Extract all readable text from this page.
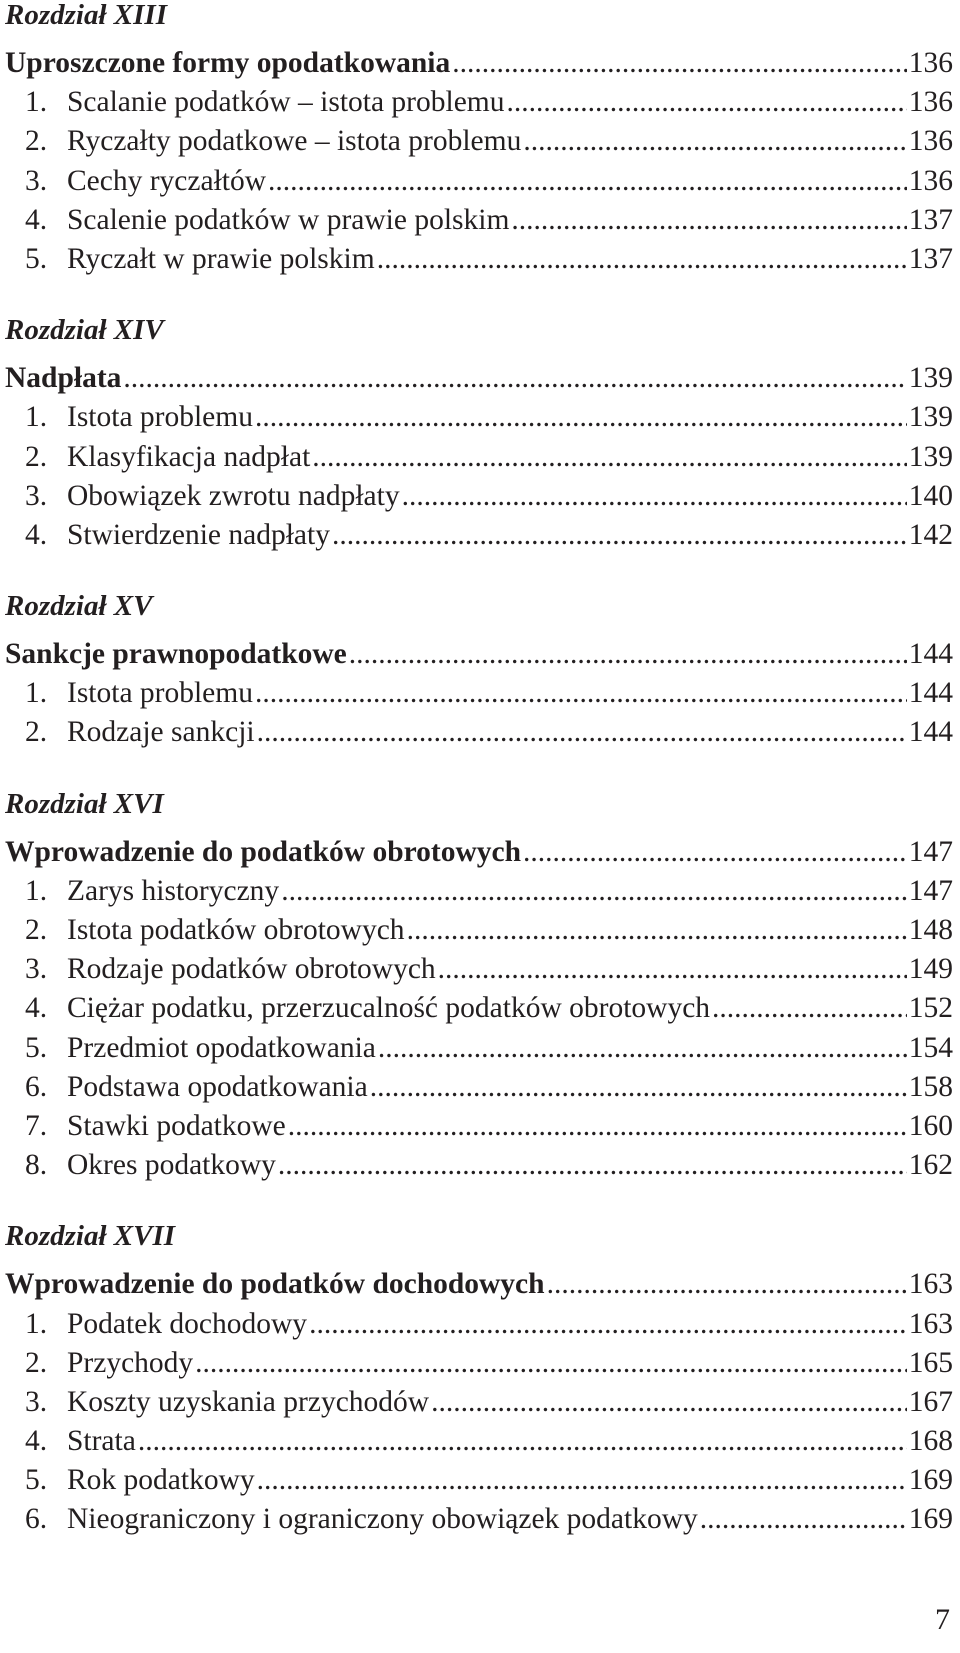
Rozdział XIII
Uproszczone formy opodatkowania .....	136
1. Scalanie podatków – istota problemu .....	136
2. Ryczałty podatkowe – istota problemu .....	136
3. Cechy ryczałtów .....	136
4. Scalenie podatków w prawie polskim .....	137
5. Ryczałt w prawie polskim .....	137
Rozdział XIV
Nadpłata .....	139
1. Istota problemu .....	139
2. Klasyfikacja nadpłat .....	139
3. Obowiązek zwrotu nadpłaty .....	140
4. Stwierdzenie nadpłaty .....	142
Rozdział XV
Sankcje prawnopodatkowe .....	144
1. Istota problemu .....	144
2. Rodzaje sankcji .....	144
Rozdział XVI
Wprowadzenie do podatków obrotowych .....	147
1. Zarys historyczny .....	147
2. Istota podatków obrotowych .....	148
3. Rodzaje podatków obrotowych .....	149
4. Ciężar podatku, przerzucalność podatków obrotowych .....	152
5. Przedmiot opodatkowania .....	154
6. Podstawa opodatkowania .....	158
7. Stawki podatkowe .....	160
8. Okres podatkowy .....	162
Rozdział XVII
Wprowadzenie do podatków dochodowych .....	163
1. Podatek dochodowy .....	163
2. Przychody .....	165
3. Koszty uzyskania przychodów .....	167
4. Strata .....	168
5. Rok podatkowy .....	169
6. Nieograniczony i ograniczony obowiązek podatkowy .....	169
7
